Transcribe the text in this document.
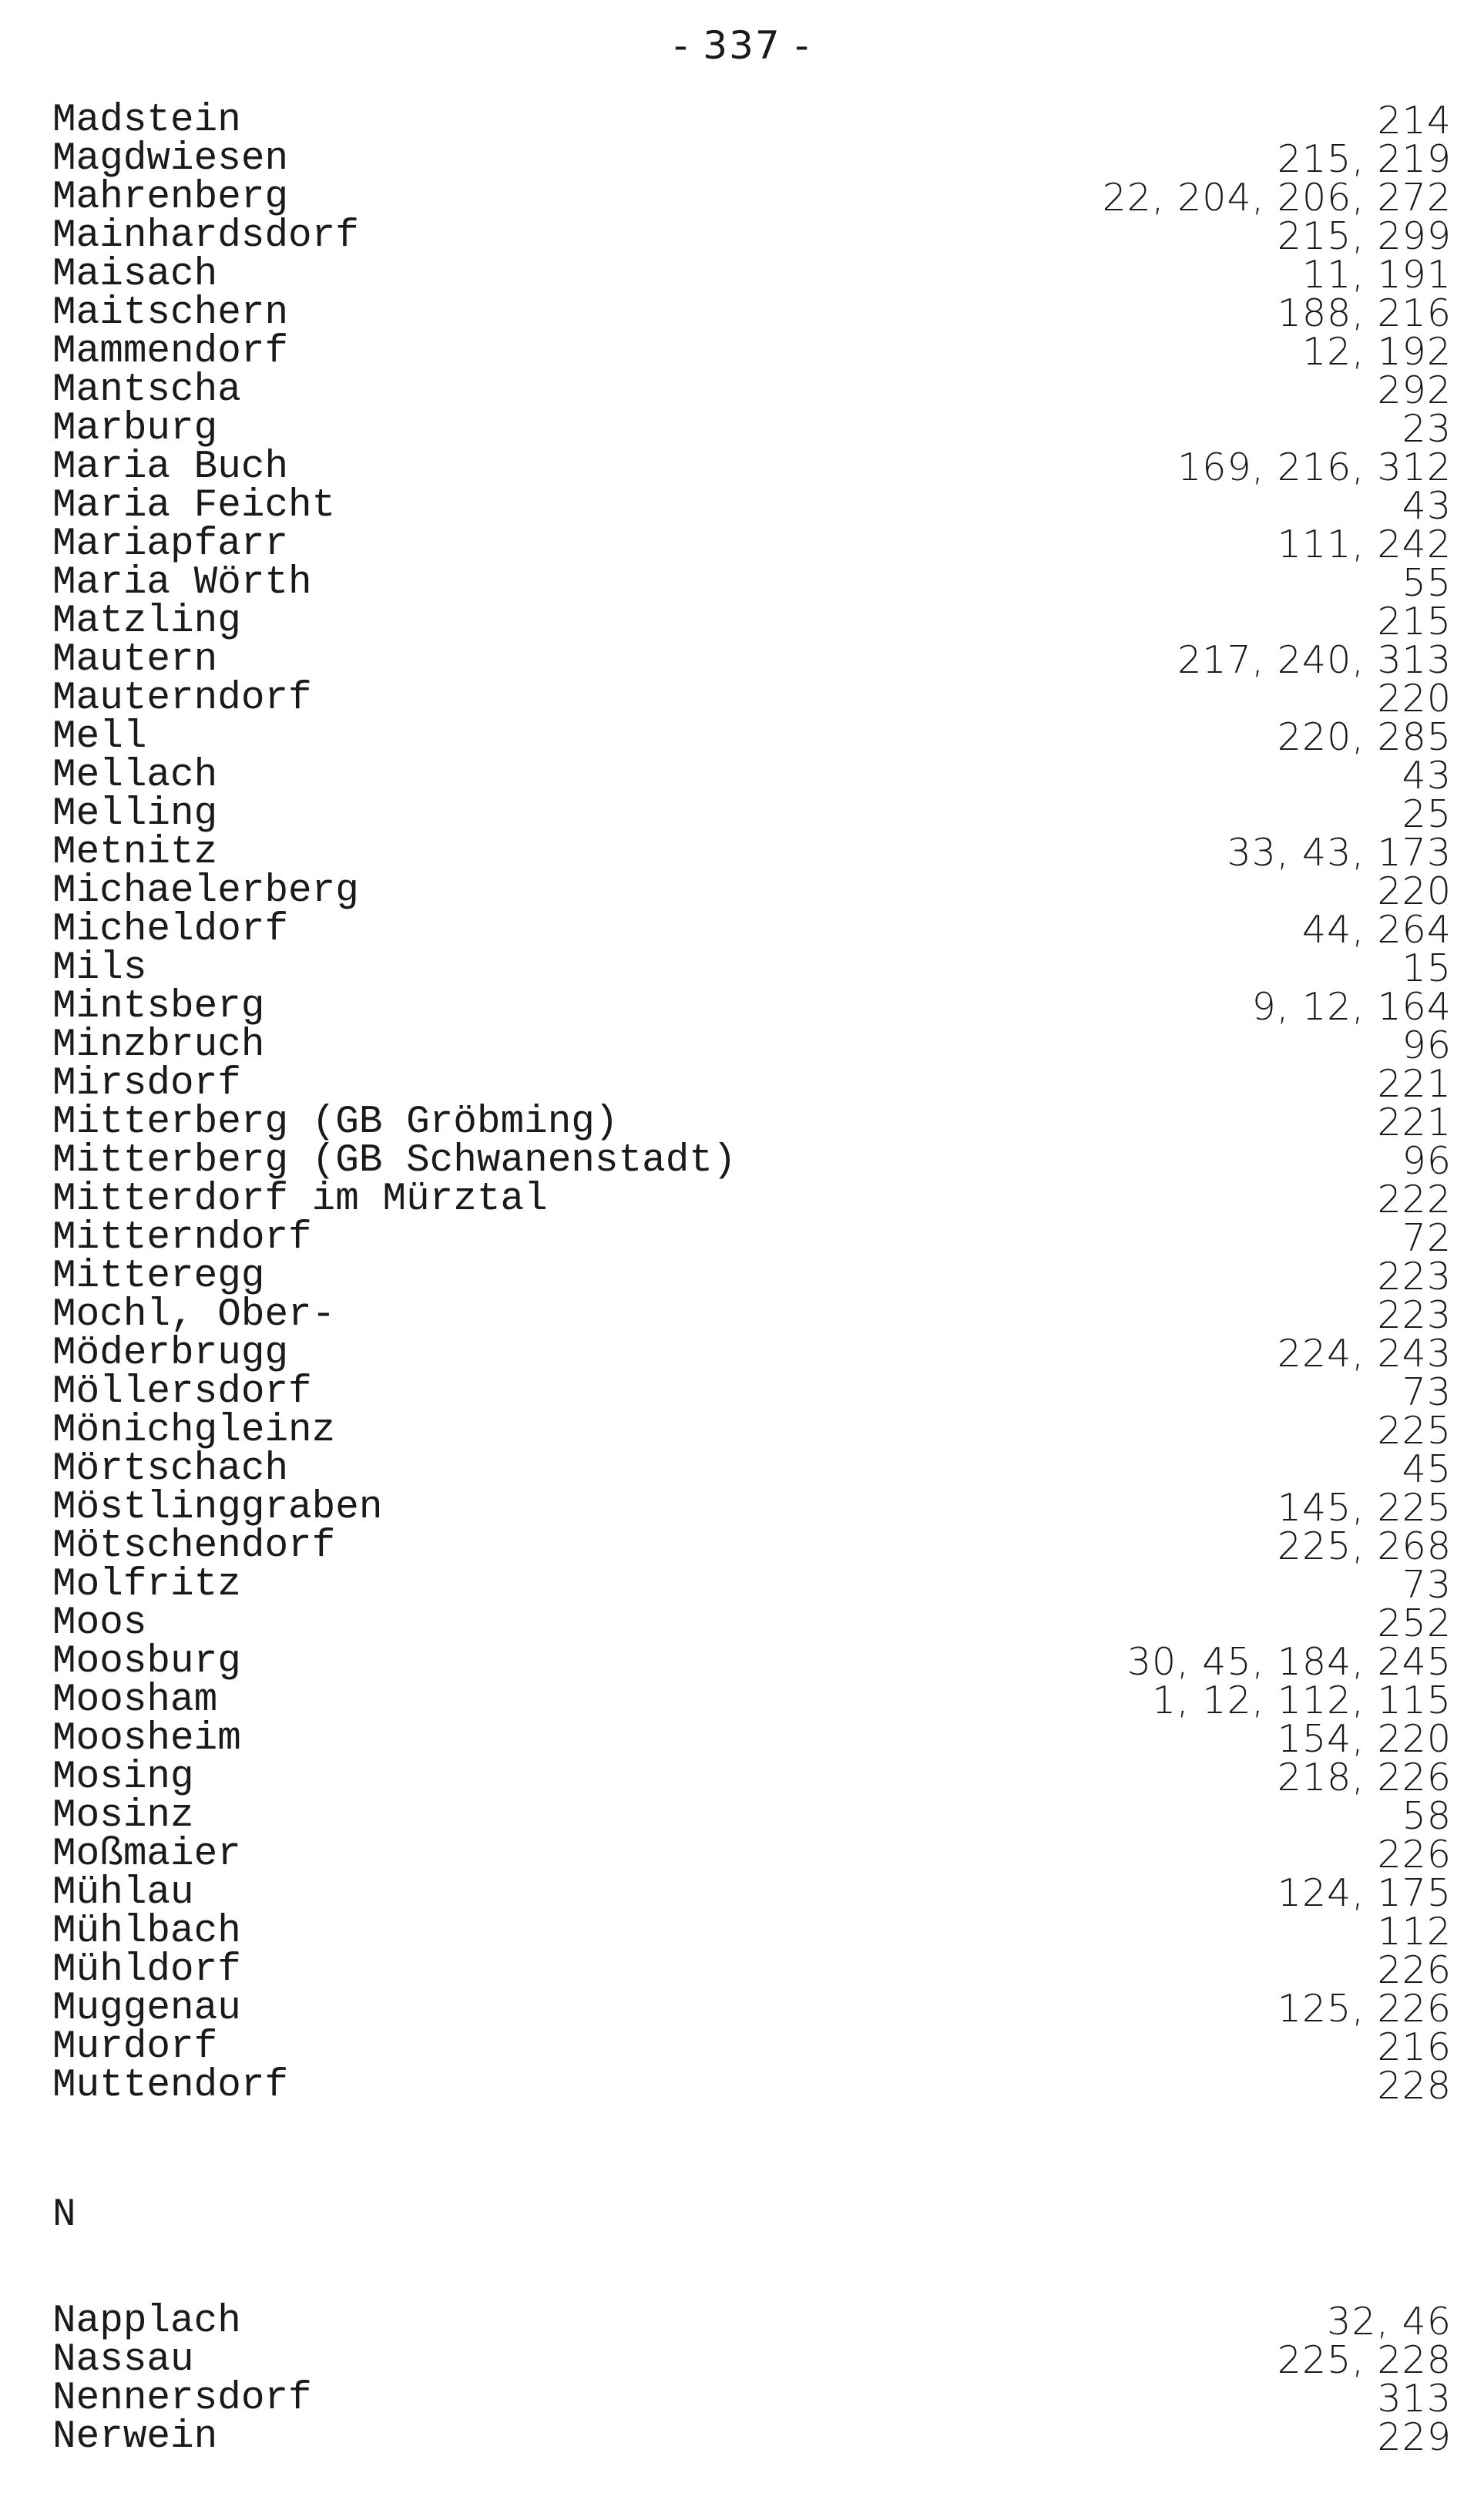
- 337 -
Madstein	214
Magdwiesen	215, 219
Mahrenberg	22, 204, 206, 272
Mainhardsdorf	215, 299
Maisach	11, 191
Maitschern	188, 216
Mammendorf	12, 192
Mantscha	292
Marburg	23
Maria Buch	169, 216, 312
Maria Feicht	43
Mariapfarr	111, 242
Maria Wörth	55
Matzling	215
Mautern	217, 240, 313
Mauterndorf	220
Mell	220, 285
Mellach	43
Melling	25
Metnitz	33, 43, 173
Michaelerberg	220
Micheldorf	44, 264
Mils	15
Mintsberg	9, 12, 164
Minzbruch	96
Mirsdorf	221
Mitterberg (GB Gröbming)	221
Mitterberg (GB Schwanenstadt)	96
Mitterdorf im Mürztal	222
Mitterndorf	72
Mitteregg	223
Mochl, Ober-	223
Möderbrugg	224, 243
Möllersdorf	73
Mönichgleinz	225
Mörtschach	45
Möstlinggraben	145, 225
Mötschendorf	225, 268
Molfritz	73
Moos	252
Moosburg	30, 45, 184, 245
Moosham	1, 12, 112, 115
Moosheim	154, 220
Mosing	218, 226
Mosinz	58
Moßmaier	226
Mühlau	124, 175
Mühlbach	112
Mühldorf	226
Muggenau	125, 226
Murdorf	216
Muttendorf	228
N
Napplach	32, 46
Nassau	225, 228
Nennersdorf	313
Nerwein	229
